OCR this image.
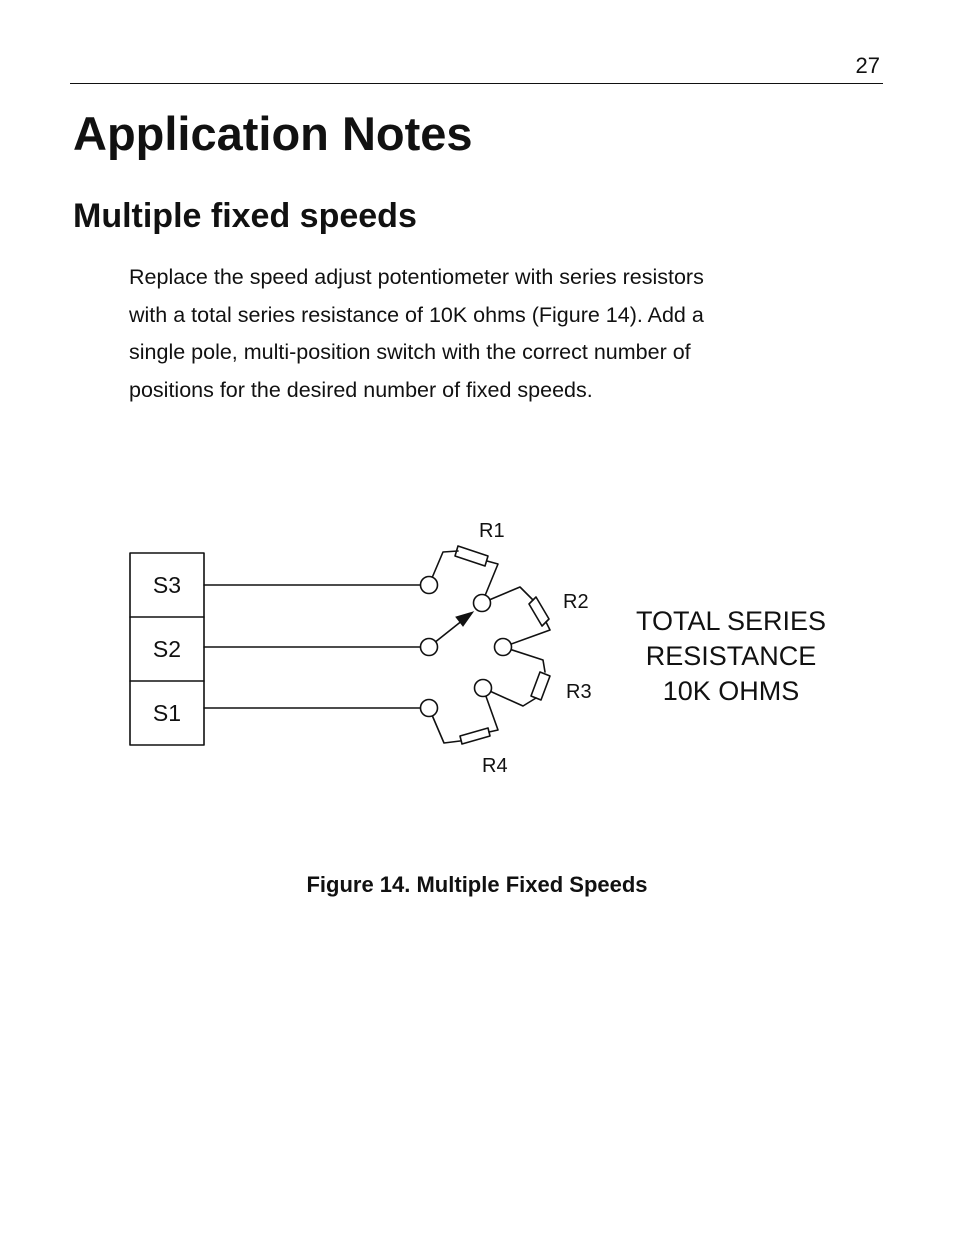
27
Application Notes
Multiple fixed speeds

Replace the speed adjust potentiometer with series resistors
with a total series resistance of 10K ohms (Figure 14). Add a
single pole, multi-position switch with the correct number of
positions for the desired number of fixed speeds.

S3
S2
S1
R1
R2
R3
R4
TOTAL SERIES
RESISTANCE
10K OHMS

Figure 14. Multiple Fixed Speeds
